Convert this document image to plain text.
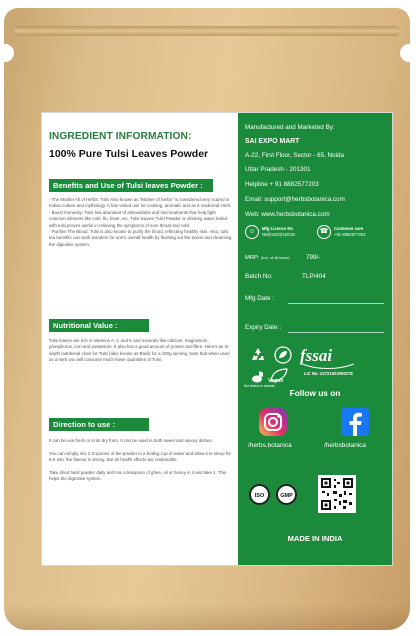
INGREDIENT INFORMATION:
100% Pure Tulsi Leaves Powder
Benefits and Use of Tulsi leaves Powder :
- The Mother All of Herbs: Tulsi Also known as "Mother of herbs" is considered very scared in Indian culture and mythology. It has varied use for cooking, aromatic and as a medicinal Herb.
- Boost Immunity: Tulsi has abundant of antioxidants and micronutrients that help fight common ailments like cold, flu, fever, etc. Tulsi leaves/ Tulsi Powder or drinking water boiled with tulsi proves useful in relieving the symptoms of sore throat and cold.
- Purifies The Blood: Tulsi is also known to purify the blood, reflecting healthy skin. Also, tulsi tea benefits can work wonders for one's overall health by flushing out the toxins and cleansing the digestive system.
Nutritional Value :
Tulsi leaves are rich in vitamins A, C and K and minerals like calcium, magnesium, phosphorus, iron and potassium. It also has a good amount of protein and fibre. Here's an in-depth nutritional chart for Tulsi (also known as Basil) for a 100g serving. Note that when used as a herb you will consume much fewer quantities of Tulsi.
Direction to use :
It can be use fresh or in its dry from. It can be used in both sweet and savory dishes.

You can simply mix 2-3 spoons of the powder in a boiling cup of water and allow it to steep for 5-6 min. the flavour is strong. But its health effects are undeniable.

Take dried basil powder daily and mix a teaspoon of ghee, oil or honey in it and take it. This helps the digestive system.
Manufactured and Marketed By:
SAI EXPO MART
A-22, First Floor, Sector - 65, Noida
Uttar Pradesh - 201301
Helpline + 91 8882577203
Email: support@herbsbotanica.com
Web: www.herbsbotanica.com
☺	Mfg Licence No
NW(0220)/15/CM	☎	Customer care
+91 8882577203
MRP: (incl. of all taxes)	799/-
Batch No:	TLP/404
Mfg Date :
Expiry Date :
fssai
Not tested on animals
Vegan
LIC No: 22721923000278
Follow us on
/herbs.botanica	/herbsbotanica
ISO	GMP
MADE IN INDIA
